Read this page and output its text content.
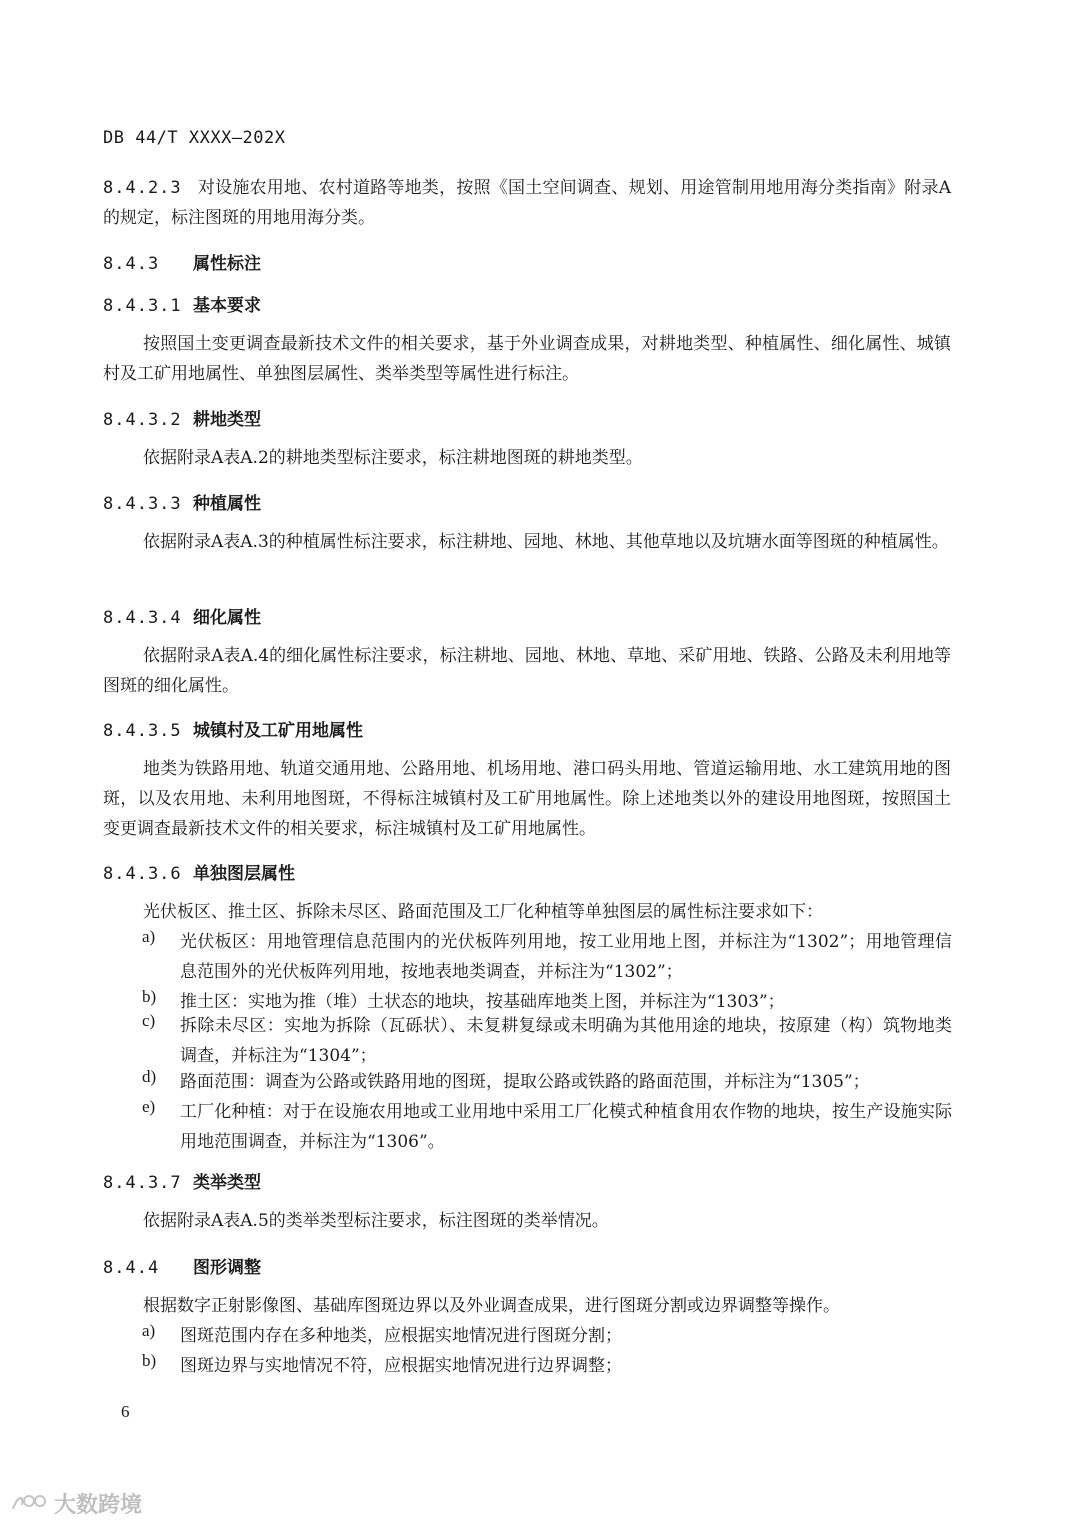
DB 44/T XXXX—202X
8.4.2.3 对设施农用地、农村道路等地类，按照《国土空间调查、规划、用途管制用地用海分类指南》附录A的规定，标注图斑的用地用海分类。
8.4.3 属性标注
8.4.3.1 基本要求
按照国土变更调查最新技术文件的相关要求，基于外业调查成果，对耕地类型、种植属性、细化属性、城镇村及工矿用地属性、单独图层属性、类举类型等属性进行标注。
8.4.3.2 耕地类型
依据附录A表A.2的耕地类型标注要求，标注耕地图斑的耕地类型。
8.4.3.3 种植属性
依据附录A表A.3的种植属性标注要求，标注耕地、园地、林地、其他草地以及坑塘水面等图斑的种植属性。
8.4.3.4 细化属性
依据附录A表A.4的细化属性标注要求，标注耕地、园地、林地、草地、采矿用地、铁路、公路及未利用地等图斑的细化属性。
8.4.3.5 城镇村及工矿用地属性
地类为铁路用地、轨道交通用地、公路用地、机场用地、港口码头用地、管道运输用地、水工建筑用地的图斑，以及农用地、未利用地图斑，不得标注城镇村及工矿用地属性。除上述地类以外的建设用地图斑，按照国土变更调查最新技术文件的相关要求，标注城镇村及工矿用地属性。
8.4.3.6 单独图层属性
光伏板区、推土区、拆除未尽区、路面范围及工厂化种植等单独图层的属性标注要求如下：
a) 光伏板区：用地管理信息范围内的光伏板阵列用地，按工业用地上图，并标注为“1302”；用地管理信息范围外的光伏板阵列用地，按地表地类调查，并标注为“1302”；
b) 推土区：实地为推（堆）土状态的地块，按基础库地类上图，并标注为“1303”；
c) 拆除未尽区：实地为拆除（瓦砾状）、未复耕复绿或未明确为其他用途的地块，按原建（构）筑物地类调查，并标注为“1304”；
d) 路面范围：调查为公路或铁路用地的图斑，提取公路或铁路的路面范围，并标注为“1305”；
e) 工厂化种植：对于在设施农用地或工业用地中采用工厂化模式种植食用农作物的地块，按生产设施实际用地范围调查，并标注为“1306”。
8.4.3.7 类举类型
依据附录A表A.5的类举类型标注要求，标注图斑的类举情况。
8.4.4 图形调整
根据数字正射影像图、基础库图斑边界以及外业调查成果，进行图斑分割或边界调整等操作。
a) 图斑范围内存在多种地类，应根据实地情况进行图斑分割；
b) 图斑边界与实地情况不符，应根据实地情况进行边界调整；
6
大数跨境
